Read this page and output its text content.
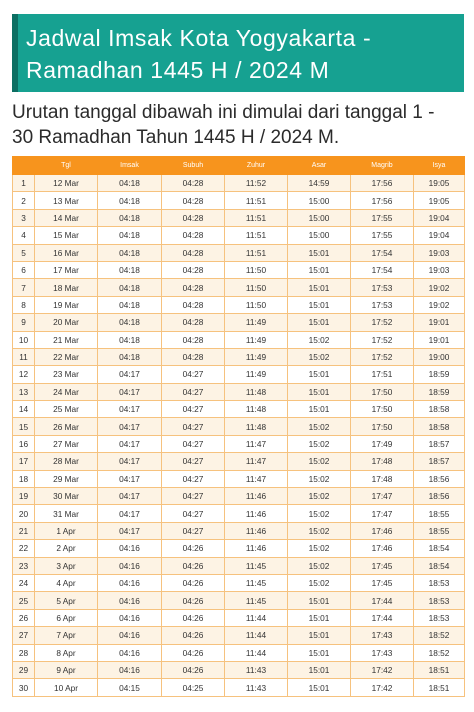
Jadwal Imsak Kota Yogyakarta -
Ramadhan 1445 H / 2024 M
Urutan tanggal dibawah ini dimulai dari tanggal 1 -
30 Ramadhan Tahun 1445 H / 2024 M.
	Tgl	Imsak	Subuh	Zuhur	Asar	Magrib	Isya
1	12 Mar	04:18	04:28	11:52	14:59	17:56	19:05
2	13 Mar	04:18	04:28	11:51	15:00	17:56	19:05
3	14 Mar	04:18	04:28	11:51	15:00	17:55	19:04
4	15 Mar	04:18	04:28	11:51	15:00	17:55	19:04
5	16 Mar	04:18	04:28	11:51	15:01	17:54	19:03
6	17 Mar	04:18	04:28	11:50	15:01	17:54	19:03
7	18 Mar	04:18	04:28	11:50	15:01	17:53	19:02
8	19 Mar	04:18	04:28	11:50	15:01	17:53	19:02
9	20 Mar	04:18	04:28	11:49	15:01	17:52	19:01
10	21 Mar	04:18	04:28	11:49	15:02	17:52	19:01
11	22 Mar	04:18	04:28	11:49	15:02	17:52	19:00
12	23 Mar	04:17	04:27	11:49	15:01	17:51	18:59
13	24 Mar	04:17	04:27	11:48	15:01	17:50	18:59
14	25 Mar	04:17	04:27	11:48	15:01	17:50	18:58
15	26 Mar	04:17	04:27	11:48	15:02	17:50	18:58
16	27 Mar	04:17	04:27	11:47	15:02	17:49	18:57
17	28 Mar	04:17	04:27	11:47	15:02	17:48	18:57
18	29 Mar	04:17	04:27	11:47	15:02	17:48	18:56
19	30 Mar	04:17	04:27	11:46	15:02	17:47	18:56
20	31 Mar	04:17	04:27	11:46	15:02	17:47	18:55
21	1 Apr	04:17	04:27	11:46	15:02	17:46	18:55
22	2 Apr	04:16	04:26	11:46	15:02	17:46	18:54
23	3 Apr	04:16	04:26	11:45	15:02	17:45	18:54
24	4 Apr	04:16	04:26	11:45	15:02	17:45	18:53
25	5 Apr	04:16	04:26	11:45	15:01	17:44	18:53
26	6 Apr	04:16	04:26	11:44	15:01	17:44	18:53
27	7 Apr	04:16	04:26	11:44	15:01	17:43	18:52
28	8 Apr	04:16	04:26	11:44	15:01	17:43	18:52
29	9 Apr	04:16	04:26	11:43	15:01	17:42	18:51
30	10 Apr	04:15	04:25	11:43	15:01	17:42	18:51
